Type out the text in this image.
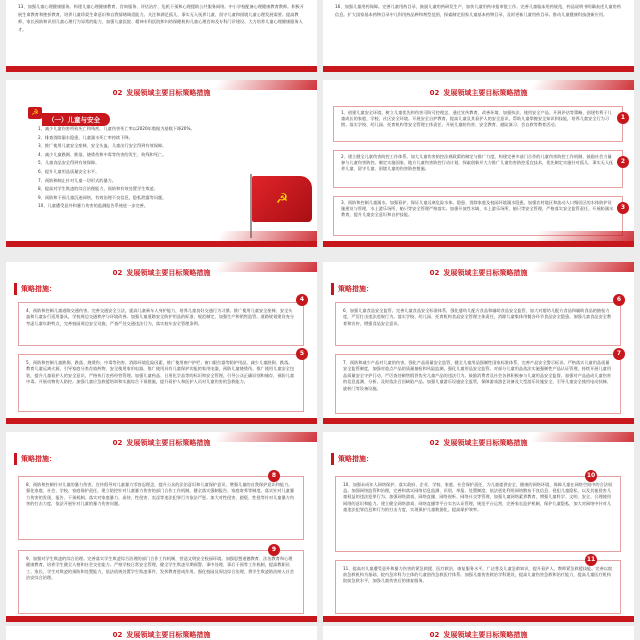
13、加强儿童心理健康服务。构建儿童心理健康教育、咨询服务、评估治疗、危机干预和心理援助公共服务网络。中小学校配备心理健康教育教师。积极开展生命教育和挫折教育，培养儿童珍爱生命意识和自我情绪调适能力。关注和满足孤儿、事实无人抚养儿童、留守儿童和困境儿童心理发展需要。提高教师、家长预防和识别儿童心理行为异常的能力，加强儿童医院、精神专科医院和妇幼保健机构儿童心理咨询及专科门诊建设。大力培养儿童心理健康服务人才。
16、加强儿童用药保障。完善儿童用药目录，鼓励儿童用药研发生产，加快儿童用药申报审批工作。完善儿童临床用药规范，药品说明书明确表述儿童用药信息。扩大国家基本药物目录中儿科用药品种和剂型范围，探索制定国家儿童基本药物目录，及时更新儿童用药目录。推动儿童健康科技创新应用。
02 发展领域主要目标策略措施
☭
（一）儿童与安全

1、减少儿童伤害所致死亡和残疾。儿童伤害死亡率以2020年数据为基数下降20%。

2、排查消除溺水隐患，儿童溺水死亡率持续下降。

3、推广使用儿童安全座椅、安全头盔，儿童出行安全得到有效保障。

4、减少儿童跌倒、跌落、烧烫伤和中毒等伤害的发生、致残和死亡。

5、儿童食品安全得到有效保障。

6、提升儿童用品质量安全水平。

7、预防和制止针对儿童一切形式的暴力。

8、提高对学生欺凌的综合治理能力，预防和有效处置学生欺凌。

9、预防和干预儿童沉迷网络，有效治理不良信息、隐私泄露等问题。

10、儿童遭受意外和暴力伤害的监测报告系统进一步完善。	☭
02 发展领域主要目标策略措施
1、创建儿童安全环境。树立儿童优先和伤害可防可控理念，通过宣传教育、改善环境、加强执法、使用安全产品、开展评估等策略，创建有利于儿童成长的家庭、学校、社区安全环境。开展安全自护教育，提高儿童及其看护人的安全意识，帮助儿童掌握安全知识和技能，培养儿童安全行为习惯。落实学校、幼儿园、托育机构等安全管理主体责任，开展儿童防伤害、安全教育、避险演习、会自救等教育活动。
1
2、建立健全儿童伤害防控工作体系。加大儿童伤害防控法规政策的制定与推广力度，构建完善多部门合作的儿童伤害防控工作机制，鼓励社会力量参与儿童伤害防控。制定实施国家、地方儿童伤害防控行动计划，探索创新并大力推广儿童伤害防控适宜技术，优先制定实施针对孤儿、事实无人抚养儿童、留守儿童、困境儿童的伤害防控措施。
2
3、预防和控制儿童溺水。加强看护，保证儿童远离危险水体。隐患、消除家庭及校园环境溺水隐患，加强农村地区和流动人口聚居区的水体防护设施建设与管理，水上游乐场所、船只等安全管理严格落实。加强开放性水域、水上游乐场所、船只等安全管理，严格落实安全监管责任。开展防溺水教育，提升儿童安全意识和自护技能。
3
02 发展领域主要目标策略措施
策略措施：
4、预防和控制儿童道路交通伤害。完善交通安全立法，提高儿童乘车人身护能力，培养儿童良好交通行为习惯。推广使用儿童安全座椅、安全头盔和儿童步行适用器具，学校周边交通秩序与环境改善。加强儿童道路安全防护用品的标准、规范制定，加强生产和销售监管。道路规划建设充分考虑儿童年龄特点，完善校园周边安全设施，严查严处交通违法行为，落实校车安全管理条例。
4
5、预防和控制儿童跌倒、跌落、烧烫伤、中毒等伤害。消除环境危险因素，推广使用窗户护栏、窗口限位器等防护用品，减少儿童跌倒、跌落。教育儿童远离火源，引导家庭分类存放药物、安全使用家用电器，推广使用具有儿童保护功能的家用电器，预防儿童烧烫伤。推广使用儿童安全包装，提升儿童看护人的安全意识，严格执行农药经营管理。加强儿童药品、日用化学品等的标识和安全管理，引导公众正确识别和储存，预防儿童中毒。开展动物伤人防控。加强儿童应急救援培训和实施综合干预措施，提升看护人和医护人员对儿童伤害的急救能力。
5
02 发展领域主要目标策略措施
策略措施：
6、加强儿童食品安全监管。完善儿童食品安全标准体系，强化婴幼儿配方食品和辅助食品安全监管，加大对婴幼儿配方食品和辅助食品的抽检力度，严厉打击违法违规行为。落实学校、幼儿园、托育机构食品安全管理主体责任，消除儿童集体用餐各环节食品安全隐患。加强儿童食品安全教育和宣传，增强食品安全意识。
6
7、预防和减少产品对儿童的伤害。强化产品质量安全监管，健全儿童用品强制性国家标准体系，完善产品安全警示标识。严格落实儿童用品质量安全监管制度，加强对重点产品的质量抽检和风险监测，强化儿童用品安全监管。对部分儿童用品依法实施强制性产品认证管理，持续开展儿童用品质量安全守护行动，严厉查处制售假冒伪劣儿童产品的违法行为。鼓励消费者及社会各界积极参与儿童用品安全监督。加强对产品造成儿童伤害的信息监测、分析，及时依法召回缺陷产品。加强儿童游乐设施安全监管，保障游戏游艺设备及大型游乐设施安全，引导儿童安全使用电动扶梯、旋转门等设备设施。
7
02 发展领域主要目标策略措施
策略措施：
8、预防和控制针对儿童的暴力伤害。宣传倡导对儿童暴力零容忍理念，提升公众的法治意识和儿童保护意识，增强儿童的自我保护意识和能力。强化家庭、社会、学校、家庭保护责任，建立防控针对儿童暴力伤害的部门合作工作机制，健全落实强制报告、家庭寄养等制度。落实针对儿童暴力伤害的发现、报告、干预机制。落实对家庭暴力、虐待、性侵害、卖淫等违法犯罪行为依法严惩。加大对性侵害、猥亵、性侵等针对儿童暴力伤害的打击力度，依法开展针对儿童的暴力伤害问题。
8
9、加强对学生欺凌的综合治理。完善落实学生欺凌综合治理的部门合作工作机制，营造文明安全校园环境。加强思想道德教育、法治教育和心理健康教育，培养学生健全人格和社会交往能力。严格学校日常安全管理，健全学生欺凌早期预警、事中处理、事后干预等工作机制，提高教职员工、家长、学生对欺凌的预防和处置能力，依法依规处置学生欺凌事件，发挥教育惩戒作用。强化校园及周边综合治理，将学生欺凌防治纳入社会治安综合治理。
9
02 发展领域主要目标策略措施
策略措施：
10、加强未成年人网络保护。落实政府、企业、学校、家庭、社会保护责任，为儿童提供安全、健康的网络环境，保障儿童在网络空间中的合法权益。加强网络监管和治理，完善和落实网络信息监测、识别、举报、处置制度，依法惩处利用网络散布不良信息、侵犯儿童隐私、以及其他侵害儿童权益的违法犯罪行为。加强网络游戏、网络直播、网络视听、网络社交等管理，加强儿童网络素养教育，增强儿童科学、文明、安全、合理使用网络的意识和能力。建立健全网络游戏、网络直播等平台实名认证管理，规范平台运营，完善家长监护机制，保护儿童隐私，加大对网络中针对儿童违法犯罪信息和行为的打击力度，实现保护儿童数据化，提高保护效率。
10
11、提高对儿童遭受意外和暴力伤害的紧急救援、医疗救治、康复服务水平。广泛普及儿童急救知识，提升看护人、教师紧急救援技能。完善以院前急救机构为基础、院内急诊科为主体的儿童创伤急救医疗体系。加强儿童伤害救治学科建设，提高儿童伤害急救和治疗能力，提高儿童医疗机构院前急救水平，加强儿童伤害后的康复服务。
11
02 发展领域主要目标策略措施	02 发展领域主要目标策略措施
